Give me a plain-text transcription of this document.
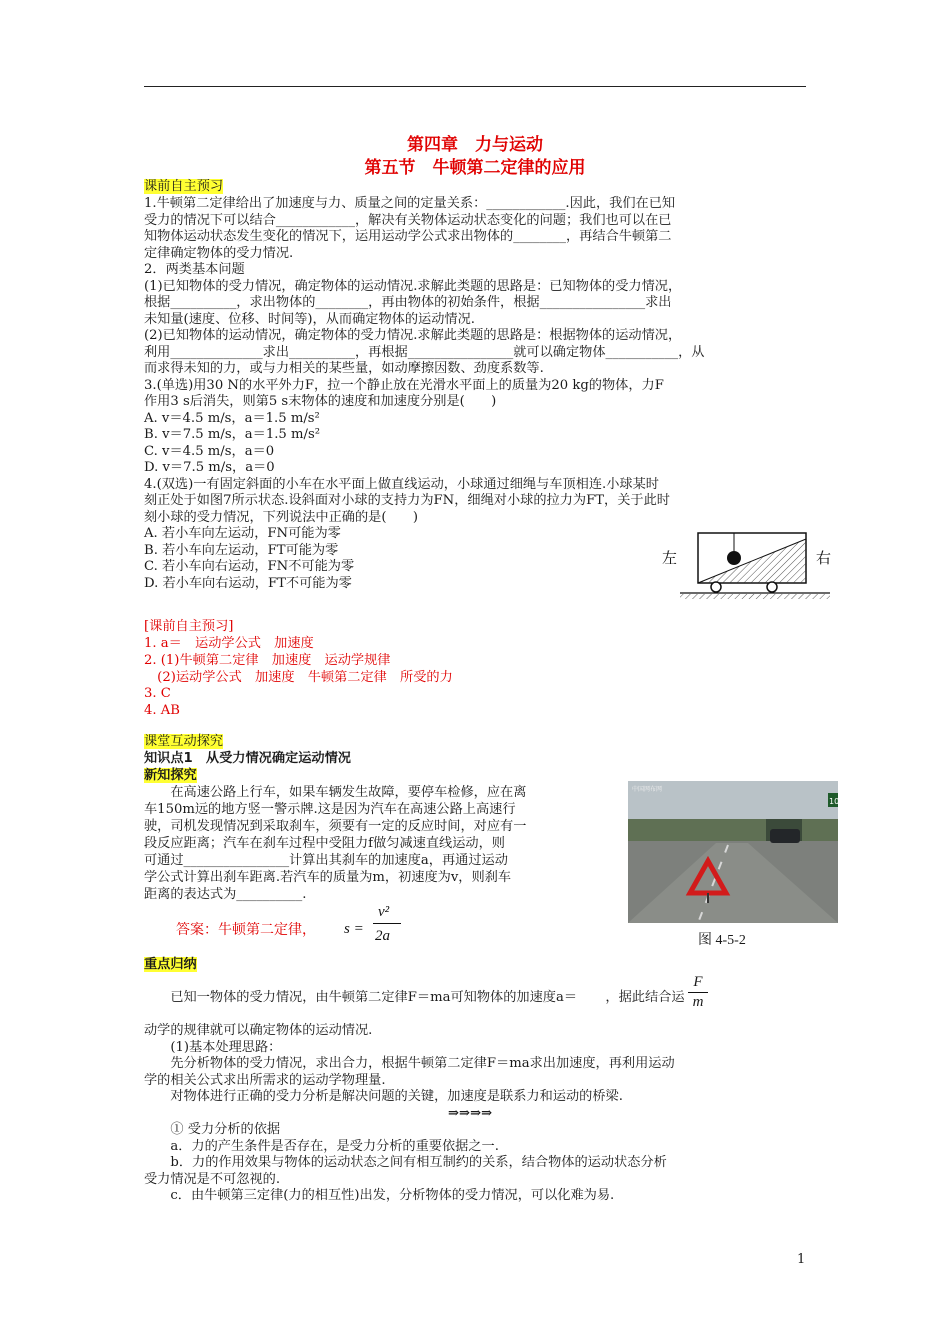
第四章　力与运动
第五节　牛顿第二定律的应用
课前自主预习
1.牛顿第二定律给出了加速度与力、质量之间的定量关系：____________.因此，我们在已知
受力的情况下可以结合____________，解决有关物体运动状态变化的问题；我们也可以在已
知物体运动状态发生变化的情况下，运用运动学公式求出物体的________，再结合牛顿第二
定律确定物体的受力情况.
2．两类基本问题
(1)已知物体的受力情况，确定物体的运动情况.求解此类题的思路是：已知物体的受力情况，
根据__________，求出物体的________，再由物体的初始条件，根据________________求出
未知量(速度、位移、时间等)，从而确定物体的运动情况.
(2)已知物体的运动情况，确定物体的受力情况.求解此类题的思路是：根据物体的运动情况，
利用______________求出__________，再根据________________就可以确定物体___________，从
而求得未知的力，或与力相关的某些量，如动摩擦因数、劲度系数等.
3.(单选)用30 N的水平外力F，拉一个静止放在光滑水平面上的质量为20 kg的物体，力F
作用3 s后消失，则第5 s末物体的速度和加速度分别是(　　)
A. v＝4.5 m/s，a＝1.5 m/s²
B. v＝7.5 m/s，a＝1.5 m/s²
C. v＝4.5 m/s，a＝0
D. v＝7.5 m/s，a＝0
4.(双选)一有固定斜面的小车在水平面上做直线运动，小球通过细绳与车顶相连.小球某时
刻正处于如图7所示状态.设斜面对小球的支持力为FN，细绳对小球的拉力为FT，关于此时
刻小球的受力情况，下列说法中正确的是(　　)
A. 若小车向左运动，FN可能为零
B. 若小车向左运动，FT可能为零
C. 若小车向右运动，FN不可能为零
D. 若小车向右运动，FT不可能为零
左	右
[课前自主预习]
1. a＝　运动学公式　加速度
2. (1)牛顿第二定律　加速度　运动学规律
　(2)运动学公式　加速度　牛顿第二定律　所受的力
3. C
4. AB
课堂互动探究
知识点1　从受力情况确定运动情况
新知探究
　　在高速公路上行车，如果车辆发生故障，要停车检修，应在离
车150m远的地方竖一警示牌.这是因为汽车在高速公路上高速行
驶，司机发现情况到采取刹车，须要有一定的反应时间，对应有一
段反应距离；汽车在刹车过程中受阻力f做匀减速直线运动，则
可通过________________计算出其刹车的加速度a，再通过运动
学公式计算出刹车距离.若汽车的质量为m，初速度为v，则刹车
距离的表达式为__________.
答案：牛顿第二定律， s =
v²
2a
10
中国网布网
图 4-5-2
重点归纳
　　已知一物体的受力情况，由牛顿第二定律F＝ma可知物体的加速度a＝ ，据此结合运
F
m
动学的规律就可以确定物体的运动情况.
　　(1)基本处理思路：
　　先分析物体的受力情况，求出合力，根据牛顿第二定律F＝ma求出加速度，再利用运动
学的相关公式求出所需求的运动学物理量.
　　对物体进行正确的受力分析是解决问题的关键，加速度是联系力和运动的桥梁.
⇒⇒⇒⇒
　　① 受力分析的依据
　　a．力的产生条件是否存在，是受力分析的重要依据之一.
　　b．力的作用效果与物体的运动状态之间有相互制约的关系，结合物体的运动状态分析
受力情况是不可忽视的.
　　c．由牛顿第三定律(力的相互性)出发，分析物体的受力情况，可以化难为易.
1
